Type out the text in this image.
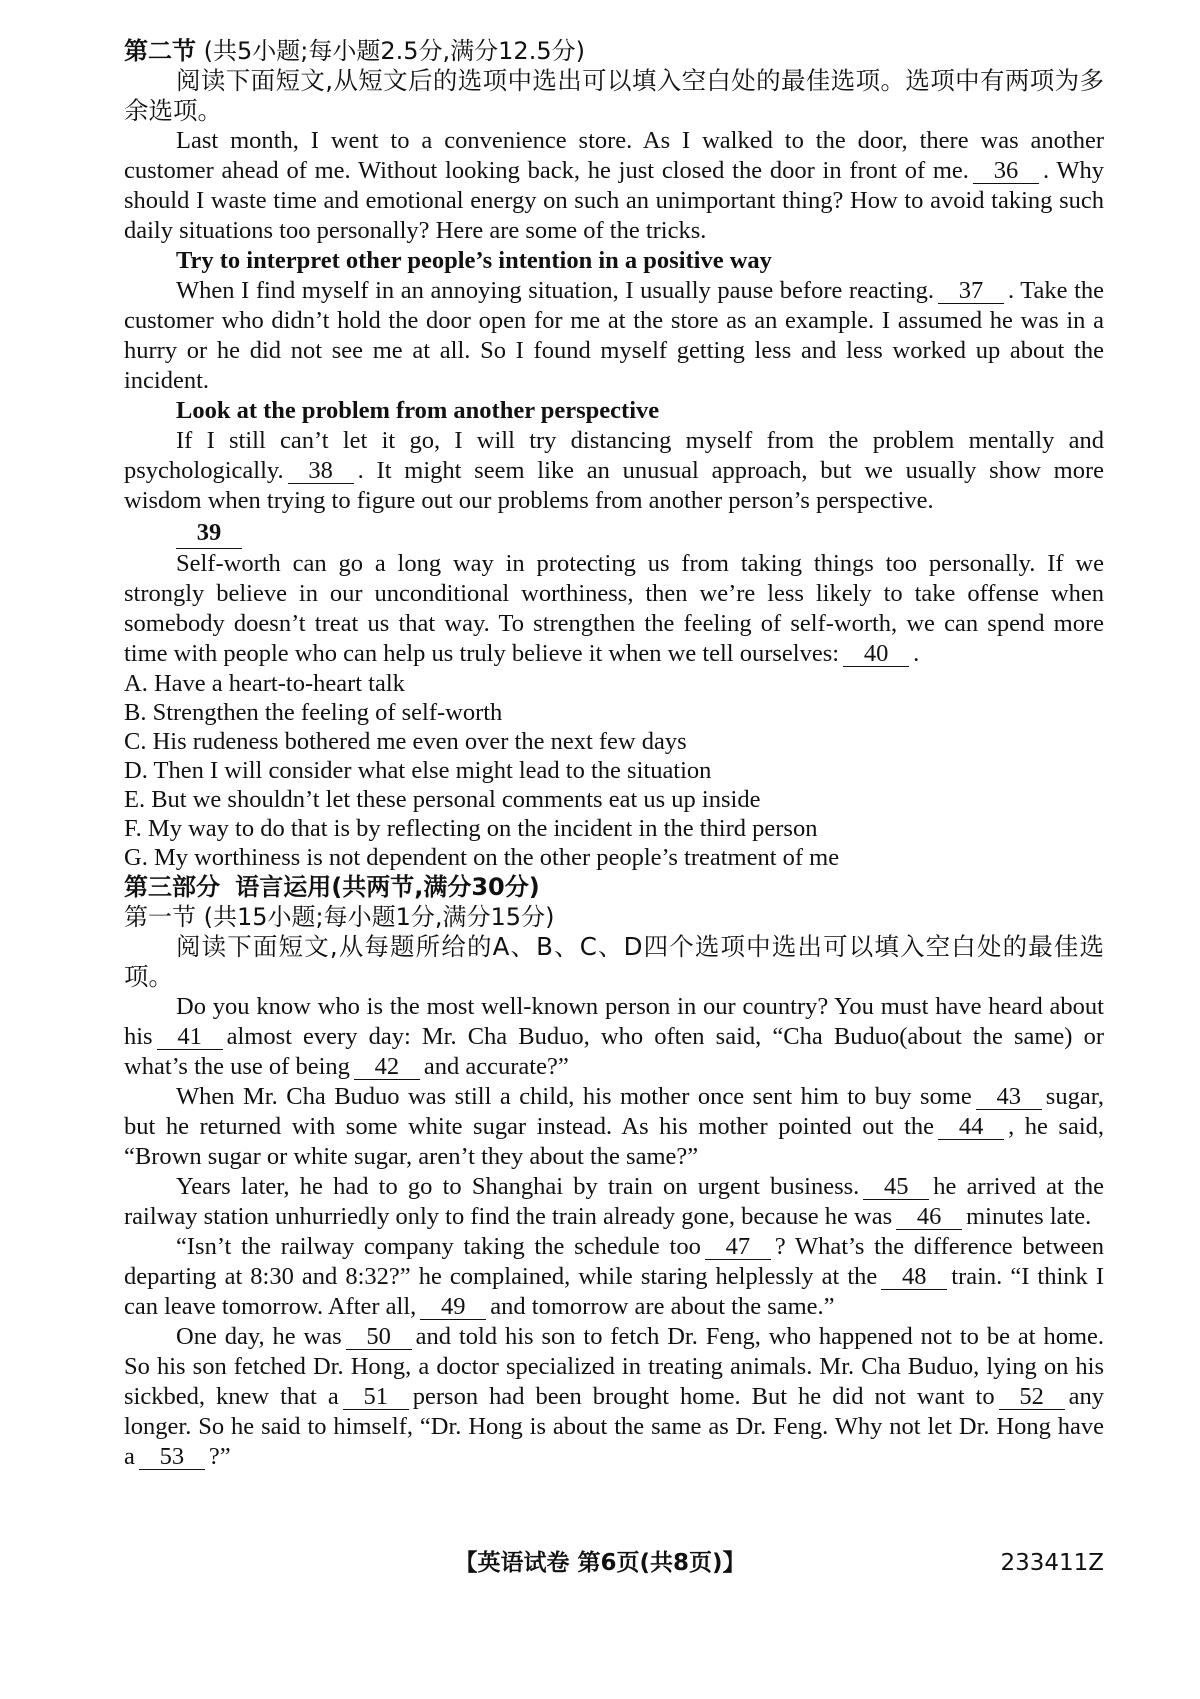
第二节 (共5小题;每小题2.5分,满分12.5分)

阅读下面短文,从短文后的选项中选出可以填入空白处的最佳选项。选项中有两项为多余选项。

Last month, I went to a convenience store. As I walked to the door, there was another customer ahead of me. Without looking back, he just closed the door in front of me. 36 . Why should I waste time and emotional energy on such an unimportant thing? How to avoid taking such daily situations too personally? Here are some of the tricks.

Try to interpret other people’s intention in a positive way

When I find myself in an annoying situation, I usually pause before reacting. 37 . Take the customer who didn’t hold the door open for me at the store as an example. I assumed he was in a hurry or he did not see me at all. So I found myself getting less and less worked up about the incident.

Look at the problem from another perspective

If I still can’t let it go, I will try distancing myself from the problem mentally and psychologically. 38 . It might seem like an unusual approach, but we usually show more wisdom when trying to figure out our problems from another person’s perspective.

39

Self-worth can go a long way in protecting us from taking things too personally. If we strongly believe in our unconditional worthiness, then we’re less likely to take offense when somebody doesn’t treat us that way. To strengthen the feeling of self-worth, we can spend more time with people who can help us truly believe it when we tell ourselves: 40 .

A. Have a heart-to-heart talk
B. Strengthen the feeling of self-worth
C. His rudeness bothered me even over the next few days
D. Then I will consider what else might lead to the situation
E. But we shouldn’t let these personal comments eat us up inside
F. My way to do that is by reflecting on the incident in the third person
G. My worthiness is not dependent on the other people’s treatment of me

第三部分 语言运用(共两节,满分30分)

第一节 (共15小题;每小题1分,满分15分)

阅读下面短文,从每题所给的A、B、C、D四个选项中选出可以填入空白处的最佳选项。

Do you know who is the most well-known person in our country? You must have heard about his 41 almost every day: Mr. Cha Buduo, who often said, “Cha Buduo(about the same) or what’s the use of being 42 and accurate?”

When Mr. Cha Buduo was still a child, his mother once sent him to buy some 43 sugar, but he returned with some white sugar instead. As his mother pointed out the 44 , he said, “Brown sugar or white sugar, aren’t they about the same?”

Years later, he had to go to Shanghai by train on urgent business. 45 he arrived at the railway station unhurriedly only to find the train already gone, because he was 46 minutes late.

“Isn’t the railway company taking the schedule too 47 ? What’s the difference between departing at 8:30 and 8:32?” he complained, while staring helplessly at the 48 train. “I think I can leave tomorrow. After all, 49 and tomorrow are about the same.”

One day, he was 50 and told his son to fetch Dr. Feng, who happened not to be at home. So his son fetched Dr. Hong, a doctor specialized in treating animals. Mr. Cha Buduo, lying on his sickbed, knew that a 51 person had been brought home. But he did not want to 52 any longer. So he said to himself, “Dr. Hong is about the same as Dr. Feng. Why not let Dr. Hong have a 53 ?”

【英语试卷 第6页(共8页)】	233411Z
